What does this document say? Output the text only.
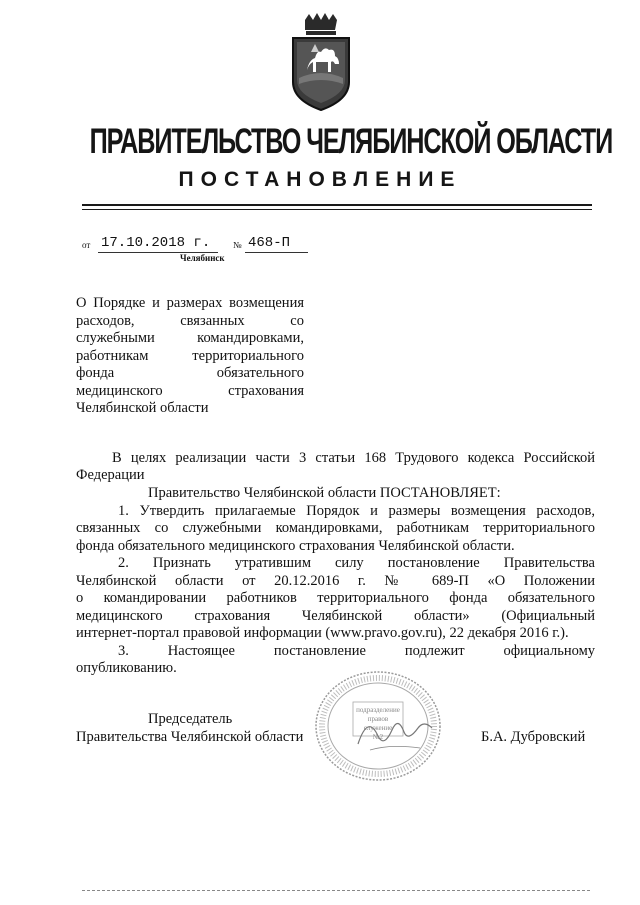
ПРАВИТЕЛЬСТВО ЧЕЛЯБИНСКОЙ ОБЛАСТИ
ПОСТАНОВЛЕНИЕ
от 17.10.2018 г.	№ 468-П
Челябинск
О Порядке и размерах возмещения
расходов, связанных со
служебными командировками,
работникам территориального
фонда обязательного
медицинского страхования
Челябинской области
В целях реализации части 3 статьи 168 Трудового кодекса Российской
Федерации
Правительство Челябинской области ПОСТАНОВЛЯЕТ:
1. Утвердить прилагаемые Порядок и размеры возмещения расходов,
связанных со служебными командировками, работникам территориального
фонда обязательного медицинского страхования Челябинской области.
2. Признать утратившим силу постановление Правительства
Челябинской области от 20.12.2016 г. № 689-П «О Положении
о командировании работников территориального фонда обязательного
медицинского страхования Челябинской области» (Официальный
интернет-портал правовой информации (www.pravo.gov.ru), 22 декабря 2016 г.).
3. Настоящее постановление подлежит официальному
опубликованию.
подразделение
правов
служение
№2
Председатель
Правительства Челябинской области	Б.А. Дубровский
